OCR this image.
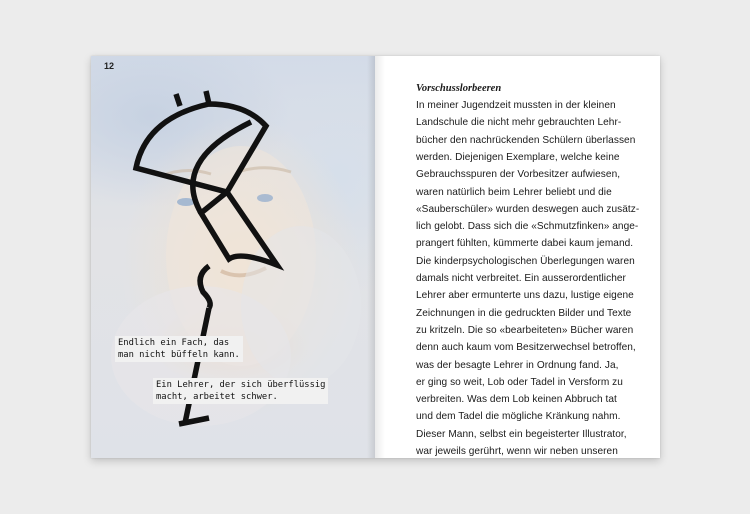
12
Endlich ein Fach, das
man nicht büffeln kann.
Ein Lehrer, der sich überflüssig
macht, arbeitet schwer.
Vorschusslorbeeren
In meiner Jugendzeit mussten in der kleinen
Landschule die nicht mehr gebrauchten Lehr-
bücher den nachrückenden Schülern überlassen
werden. Diejenigen Exemplare, welche keine
Gebrauchsspuren der Vorbesitzer aufwiesen,
waren natürlich beim Lehrer beliebt und die
«Sauberschüler» wurden deswegen auch zusätz-
lich gelobt. Dass sich die «Schmutzfinken» ange-
prangert fühlten, kümmerte dabei kaum jemand.
Die kinderpsychologischen Überlegungen waren
damals nicht verbreitet. Ein ausserordentlicher
Lehrer aber ermunterte uns dazu, lustige eigene
Zeichnungen in die gedruckten Bilder und Texte
zu kritzeln. Die so «bearbeiteten» Bücher waren
denn auch kaum vom Besitzerwechsel betroffen,
was der besagte Lehrer in Ordnung fand. Ja,
er ging so weit, Lob oder Tadel in Versform zu
verbreiten. Was dem Lob keinen Abbruch tat
und dem Tadel die mögliche Kränkung nahm.
Dieser Mann, selbst ein begeisterter Illustrator,
war jeweils gerührt, wenn wir neben unseren
